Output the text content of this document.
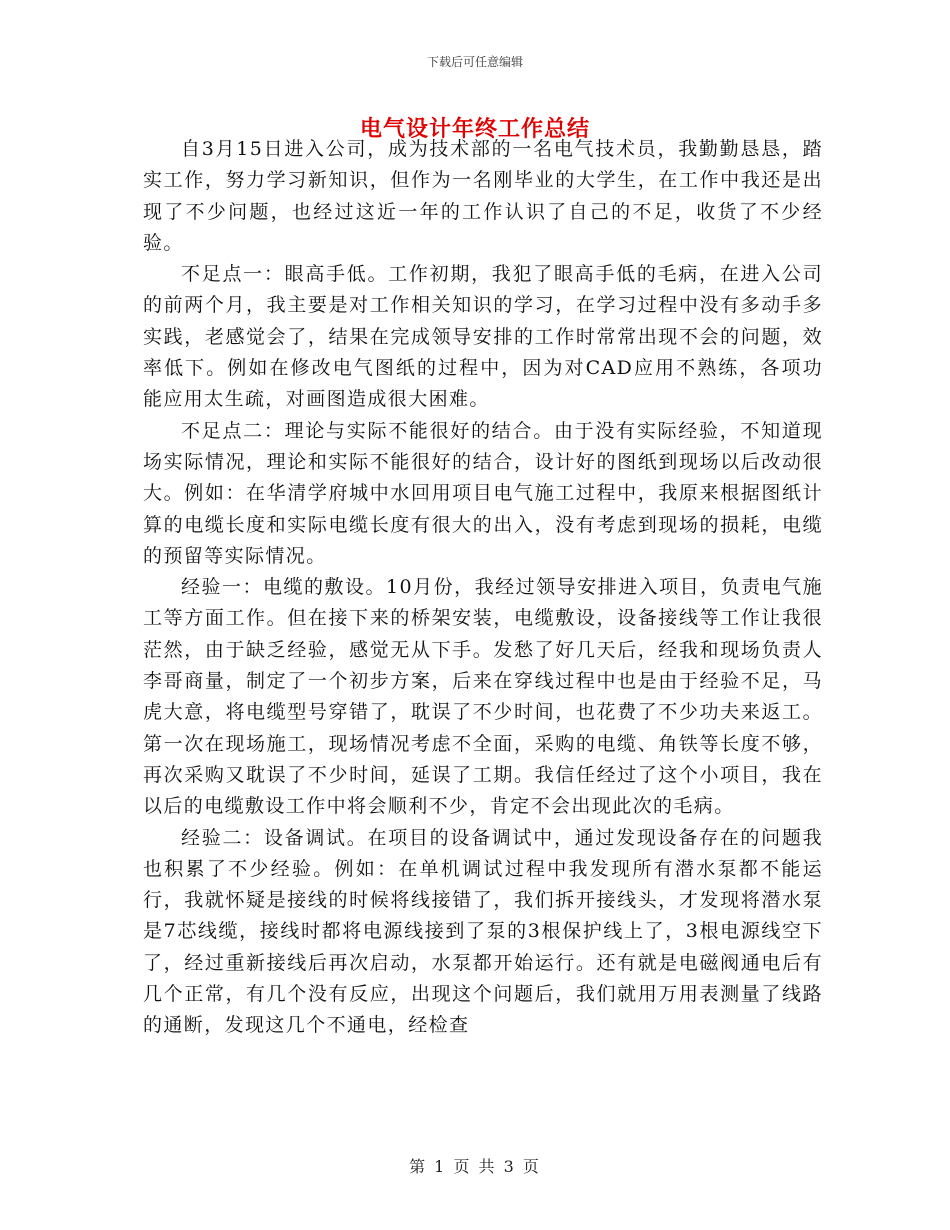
下载后可任意编辑
电气设计年终工作总结

自3月15日进入公司，成为技术部的一名电气技术员，我勤勤恳恳，踏实工作，努力学习新知识，但作为一名刚毕业的大学生，在工作中我还是出现了不少问题，也经过这近一年的工作认识了自己的不足，收货了不少经验。

不足点一：眼高手低。工作初期，我犯了眼高手低的毛病，在进入公司的前两个月，我主要是对工作相关知识的学习，在学习过程中没有多动手多实践，老感觉会了，结果在完成领导安排的工作时常常出现不会的问题，效率低下。例如在修改电气图纸的过程中，因为对CAD应用不熟练，各项功能应用太生疏，对画图造成很大困难。

不足点二：理论与实际不能很好的结合。由于没有实际经验，不知道现场实际情况，理论和实际不能很好的结合，设计好的图纸到现场以后改动很大。例如：在华清学府城中水回用项目电气施工过程中，我原来根据图纸计算的电缆长度和实际电缆长度有很大的出入，没有考虑到现场的损耗，电缆的预留等实际情况。

经验一：电缆的敷设。10月份，我经过领导安排进入项目，负责电气施工等方面工作。但在接下来的桥架安装，电缆敷设，设备接线等工作让我很茫然，由于缺乏经验，感觉无从下手。发愁了好几天后，经我和现场负责人李哥商量，制定了一个初步方案，后来在穿线过程中也是由于经验不足，马虎大意，将电缆型号穿错了，耽误了不少时间，也花费了不少功夫来返工。第一次在现场施工，现场情况考虑不全面，采购的电缆、角铁等长度不够，再次采购又耽误了不少时间，延误了工期。我信任经过了这个小项目，我在以后的电缆敷设工作中将会顺利不少，肯定不会出现此次的毛病。

经验二：设备调试。在项目的设备调试中，通过发现设备存在的问题我也积累了不少经验。例如：在单机调试过程中我发现所有潜水泵都不能运行，我就怀疑是接线的时候将线接错了，我们拆开接线头，才发现将潜水泵是7芯线缆，接线时都将电源线接到了泵的3根保护线上了，3根电源线空下了，经过重新接线后再次启动，水泵都开始运行。还有就是电磁阀通电后有几个正常，有几个没有反应，出现这个问题后，我们就用万用表测量了线路的通断，发现这几个不通电，经检查

第 1 页 共 3 页
